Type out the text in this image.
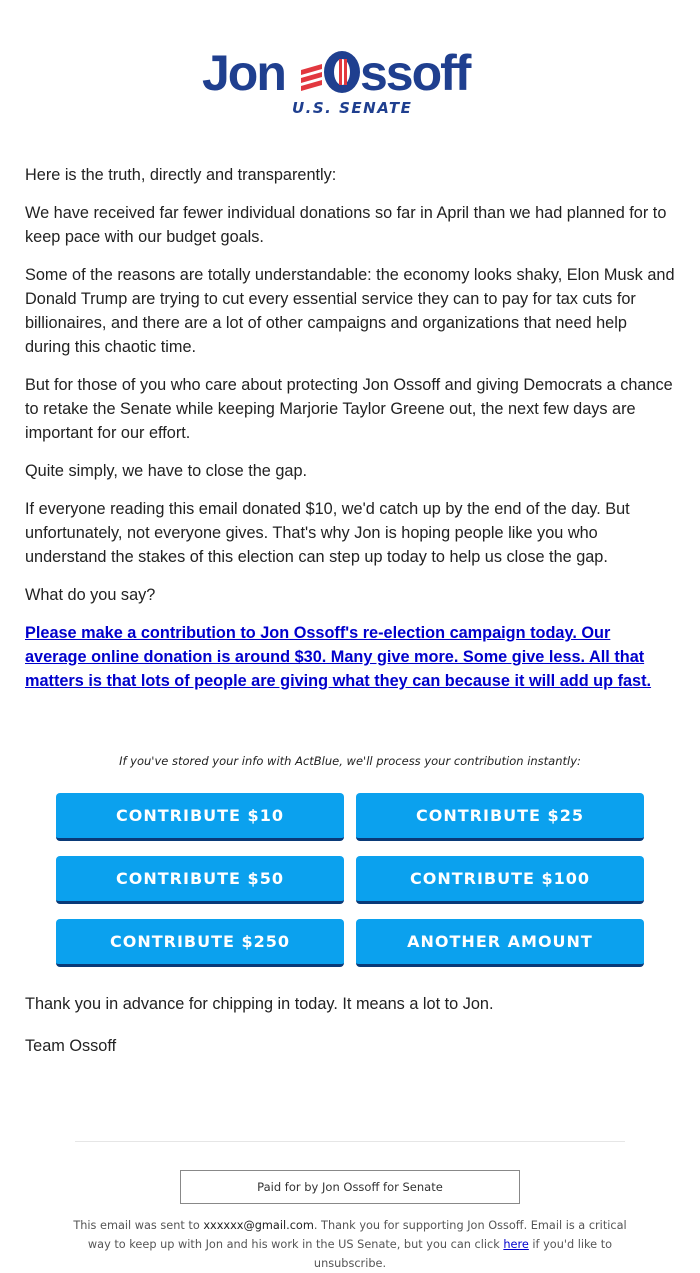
Jon ssoff
U.S. SENATE

Here is the truth, directly and transparently:

We have received far fewer individual donations so far in April than we had planned for to keep pace with our budget goals.

Some of the reasons are totally understandable: the economy looks shaky, Elon Musk and Donald Trump are trying to cut every essential service they can to pay for tax cuts for billionaires, and there are a lot of other campaigns and organizations that need help during this chaotic time.

But for those of you who care about protecting Jon Ossoff and giving Democrats a chance to retake the Senate while keeping Marjorie Taylor Greene out, the next few days are important for our effort.

Quite simply, we have to close the gap.

If everyone reading this email donated $10, we'd catch up by the end of the day. But unfortunately, not everyone gives. That's why Jon is hoping people like you who understand the stakes of this election can step up today to help us close the gap.

What do you say?

Please make a contribution to Jon Ossoff's re-election campaign today. Our average online donation is around $30. Many give more. Some give less. All that matters is that lots of people are giving what they can because it will add up fast.
If you've stored your info with ActBlue, we'll process your contribution instantly:
CONTRIBUTE $10	CONTRIBUTE $25
CONTRIBUTE $50	CONTRIBUTE $100
CONTRIBUTE $250	ANOTHER AMOUNT
Thank you in advance for chipping in today. It means a lot to Jon.
Team Ossoff
Paid for by Jon Ossoff for Senate
This email was sent to xxxxxx@gmail.com. Thank you for supporting Jon Ossoff. Email is a critical way to keep up with Jon and his work in the US Senate, but you can click here if you'd like to unsubscribe.
